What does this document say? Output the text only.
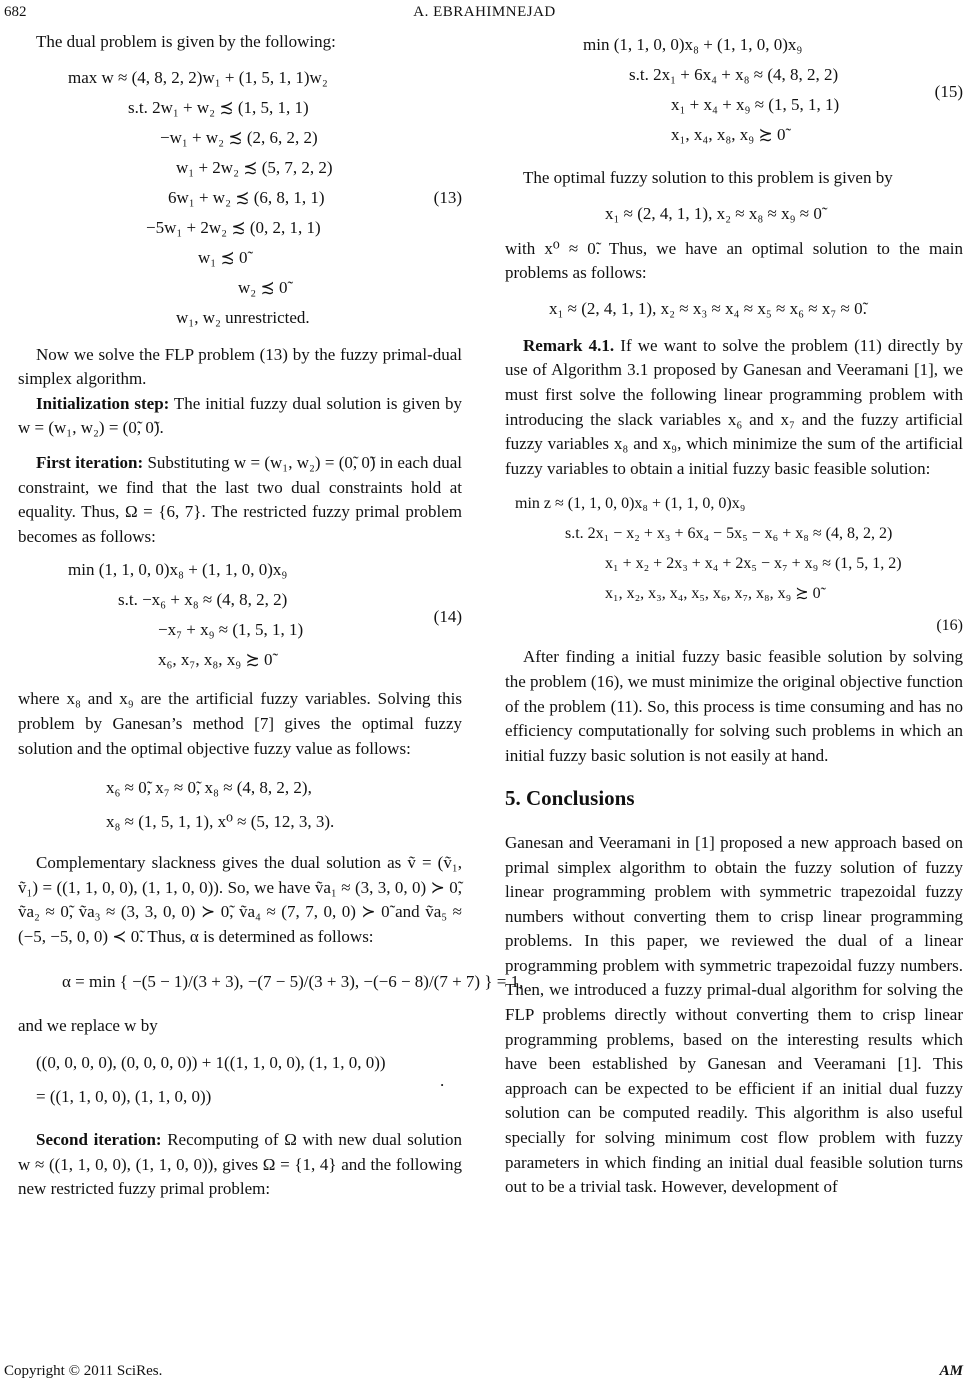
682	A. EBRAHIMNEJAD

The dual problem is given by the following:

max w ≈ (4, 8, 2, 2)w₁ + (1, 5, 1, 1)w₂
s.t. 2w₁ + w₂ ≾ (1, 5, 1, 1)
−w₁ + w₂ ≾ (2, 6, 2, 2)
w₁ + 2w₂ ≾ (5, 7, 2, 2)
6w₁ + w₂ ≾ (6, 8, 1, 1)
−5w₁ + 2w₂ ≾ (0, 2, 1, 1)
w₁ ≾ 0̃
w₂ ≾ 0̃
w₁, w₂ unrestricted.
(13)

Now we solve the FLP problem (13) by the fuzzy primal-dual simplex algorithm.

Initialization step: The initial fuzzy dual solution is given by w = (w₁, w₂) = (0̃, 0̃).

First iteration: Substituting w = (w₁, w₂) = (0̃, 0̃) in each dual constraint, we find that the last two dual constraints hold at equality. Thus, Ω = {6, 7}. The restricted fuzzy primal problem becomes as follows:

min (1, 1, 0, 0)x₈ + (1, 1, 0, 0)x₉
s.t. −x₆ + x₈ ≈ (4, 8, 2, 2)
−x₇ + x₉ ≈ (1, 5, 1, 1)
x₆, x₇, x₈, x₉ ≿ 0̃
(14)

where x₈ and x₉ are the artificial fuzzy variables. Solving this problem by Ganesan’s method [7] gives the optimal fuzzy solution and the optimal objective fuzzy value as follows:

x₆ ≈ 0̃, x₇ ≈ 0̃, x₈ ≈ (4, 8, 2, 2),
x₈ ≈ (1, 5, 1, 1), x⁰ ≈ (5, 12, 3, 3).

Complementary slackness gives the dual solution as ṽ = (ṽ₁, ṽ₁) = ((1, 1, 0, 0), (1, 1, 0, 0)). So, we have ṽa₁ ≈ (3, 3, 0, 0) ≻ 0̃, ṽa₂ ≈ 0̃, ṽa₃ ≈ (3, 3, 0, 0) ≻ 0̃, ṽa₄ ≈ (7, 7, 0, 0) ≻ 0̃ and ṽa₅ ≈ (−5, −5, 0, 0) ≺ 0̃. Thus, α is determined as follows:

α = min { −(5 − 1)/(3 + 3), −(7 − 5)/(3 + 3), −(−6 − 8)/(7 + 7) } = 1,

and we replace w by

((0, 0, 0, 0), (0, 0, 0, 0)) + 1((1, 1, 0, 0), (1, 1, 0, 0))
= ((1, 1, 0, 0), (1, 1, 0, 0))
.

Second iteration: Recomputing of Ω with new dual solution w ≈ ((1, 1, 0, 0), (1, 1, 0, 0)), gives Ω = {1, 4} and the following new restricted fuzzy primal problem:

min (1, 1, 0, 0)x₈ + (1, 1, 0, 0)x₉
s.t. 2x₁ + 6x₄ + x₈ ≈ (4, 8, 2, 2)
x₁ + x₄ + x₉ ≈ (1, 5, 1, 1)
x₁, x₄, x₈, x₉ ≿ 0̃
(15)

The optimal fuzzy solution to this problem is given by

x₁ ≈ (2, 4, 1, 1), x₂ ≈ x₈ ≈ x₉ ≈ 0̃

with x⁰ ≈ 0̃. Thus, we have an optimal solution to the main problems as follows:

x₁ ≈ (2, 4, 1, 1), x₂ ≈ x₃ ≈ x₄ ≈ x₅ ≈ x₆ ≈ x₇ ≈ 0̃.

Remark 4.1. If we want to solve the problem (11) directly by use of Algorithm 3.1 proposed by Ganesan and Veeramani [1], we must first solve the following linear programming problem with introducing the slack variables x₆ and x₇ and the fuzzy artificial fuzzy variables x₈ and x₉, which minimize the sum of the artificial fuzzy variables to obtain a initial fuzzy basic feasible solution:

min z ≈ (1, 1, 0, 0)x₈ + (1, 1, 0, 0)x₉
s.t. 2x₁ − x₂ + x₃ + 6x₄ − 5x₅ − x₆ + x₈ ≈ (4, 8, 2, 2)
x₁ + x₂ + 2x₃ + x₄ + 2x₅ − x₇ + x₉ ≈ (1, 5, 1, 2)
x₁, x₂, x₃, x₄, x₅, x₆, x₇, x₈, x₉ ≿ 0̃
(16)

After finding a initial fuzzy basic feasible solution by solving the problem (16), we must minimize the original objective function of the problem (11). So, this process is time consuming and has no efficiency computationally for solving such problems in which an initial fuzzy basic solution is not easily at hand.

5. Conclusions

Ganesan and Veeramani in [1] proposed a new approach based on primal simplex algorithm to obtain the fuzzy solution of fuzzy linear programming problem with symmetric trapezoidal fuzzy numbers without converting them to crisp linear programming problems. In this paper, we reviewed the dual of a linear programming problem with symmetric trapezoidal fuzzy numbers. Then, we introduced a fuzzy primal-dual algorithm for solving the FLP problems directly without converting them to crisp linear programming problems, based on the interesting results which have been established by Ganesan and Veeramani [1]. This approach can be expected to be efficient if an initial dual fuzzy solution can be computed readily. This algorithm is also useful specially for solving minimum cost flow problem with fuzzy parameters in which finding an initial dual feasible solution turns out to be a trivial task. However, development of

Copyright © 2011 SciRes.	AM
